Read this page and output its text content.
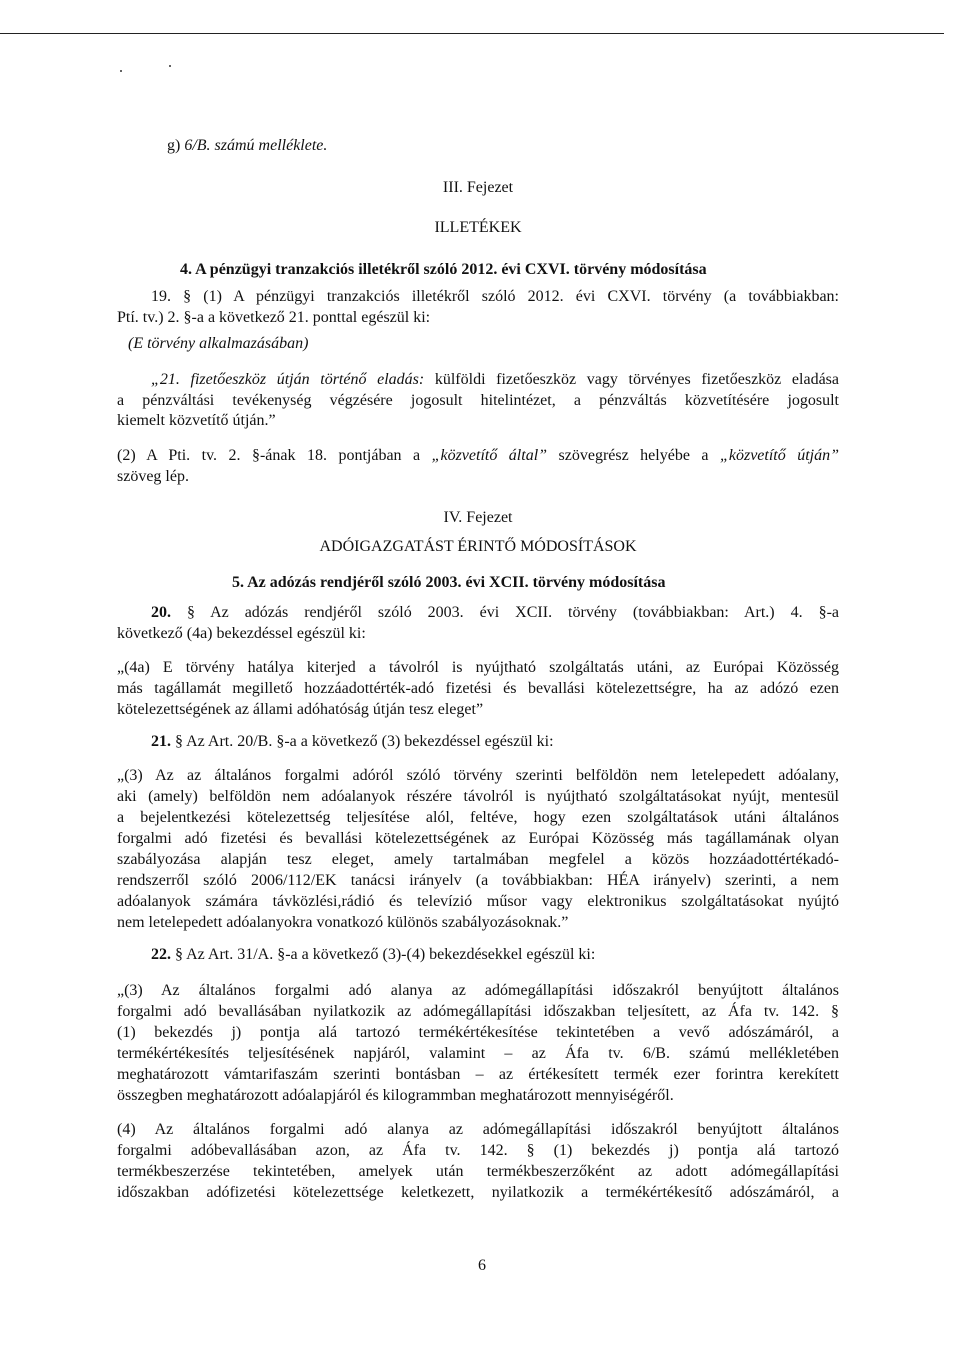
g) 6/B. számú melléklete.
III. Fejezet
ILLETÉKEK
4. A pénzügyi tranzakciós illetékről szóló 2012. évi CXVI. törvény módosítása
19. § (1) A pénzügyi tranzakciós illetékről szóló 2012. évi CXVI. törvény (a továbbiakban:
Ptí. tv.) 2. §-a a következő 21. ponttal egészül ki:
(E törvény alkalmazásában)
„21. fizetőeszköz útján történő eladás: külföldi fizetőeszköz vagy törvényes fizetőeszköz eladása
a pénzváltási tevékenység végzésére jogosult hitelintézet, a pénzváltás közvetítésére jogosult
kiemelt közvetítő útján.”
(2) A Pti. tv. 2. §-ának 18. pontjában a „közvetítő által” szövegrész helyébe a „közvetítő útján”
szöveg lép.
IV. Fejezet
ADÓIGAZGATÁST ÉRINTŐ MÓDOSÍTÁSOK
5. Az adózás rendjéről szóló 2003. évi XCII. törvény módosítása
20. § Az adózás rendjéről szóló 2003. évi XCII. törvény (továbbiakban: Art.) 4. §-a
következő (4a) bekezdéssel egészül ki:
„(4a) E törvény hatálya kiterjed a távolról is nyújtható szolgáltatás utáni, az Európai Közösség
más tagállamát megillető hozzáadottérték-adó fizetési és bevallási kötelezettségre, ha az adózó ezen
kötelezettségének az állami adóhatóság útján tesz eleget”
21. § Az Art. 20/B. §-a a következő (3) bekezdéssel egészül ki:
„(3) Az az általános forgalmi adóról szóló törvény szerinti belföldön nem letelepedett adóalany,
aki (amely) belföldön nem adóalanyok részére távolról is nyújtható szolgáltatásokat nyújt, mentesül
a bejelentkezési kötelezettség teljesítése alól, feltéve, hogy ezen szolgáltatások utáni általános
forgalmi adó fizetési és bevallási kötelezettségének az Európai Közösség más tagállamának olyan
szabályozása alapján tesz eleget, amely tartalmában megfelel a közös hozzáadottértékadó-
rendszerről szóló 2006/112/EK tanácsi irányelv (a továbbiakban: HÉA irányelv) szerinti, a nem
adóalanyok számára távközlési,rádió és televízió műsor vagy elektronikus szolgáltatásokat nyújtó
nem letelepedett adóalanyokra vonatkozó különös szabályozásoknak.”
22. § Az Art. 31/A. §-a a következő (3)-(4) bekezdésekkel egészül ki:
„(3) Az általános forgalmi adó alanya az adómegállapítási időszakról benyújtott általános
forgalmi adó bevallásában nyilatkozik az adómegállapítási időszakban teljesített, az Áfa tv. 142. §
(1) bekezdés j) pontja alá tartozó termékértékesítése tekintetében a vevő adószámáról, a
termékértékesítés teljesítésének napjáról, valamint – az Áfa tv. 6/B. számú mellékletében
meghatározott vámtarifaszám szerinti bontásban – az értékesített termék ezer forintra kerekített
összegben meghatározott adóalapjáról és kilogrammban meghatározott mennyiségéről.
(4) Az általános forgalmi adó alanya az adómegállapítási időszakról benyújtott általános
forgalmi adóbevallásában azon, az Áfa tv. 142. § (1) bekezdés j) pontja alá tartozó
termékbeszerzése tekintetében, amelyek után termékbeszerzőként az adott adómegállapítási
időszakban adófizetési kötelezettsége keletkezett, nyilatkozik a termékértékesítő adószámáról, a
6
